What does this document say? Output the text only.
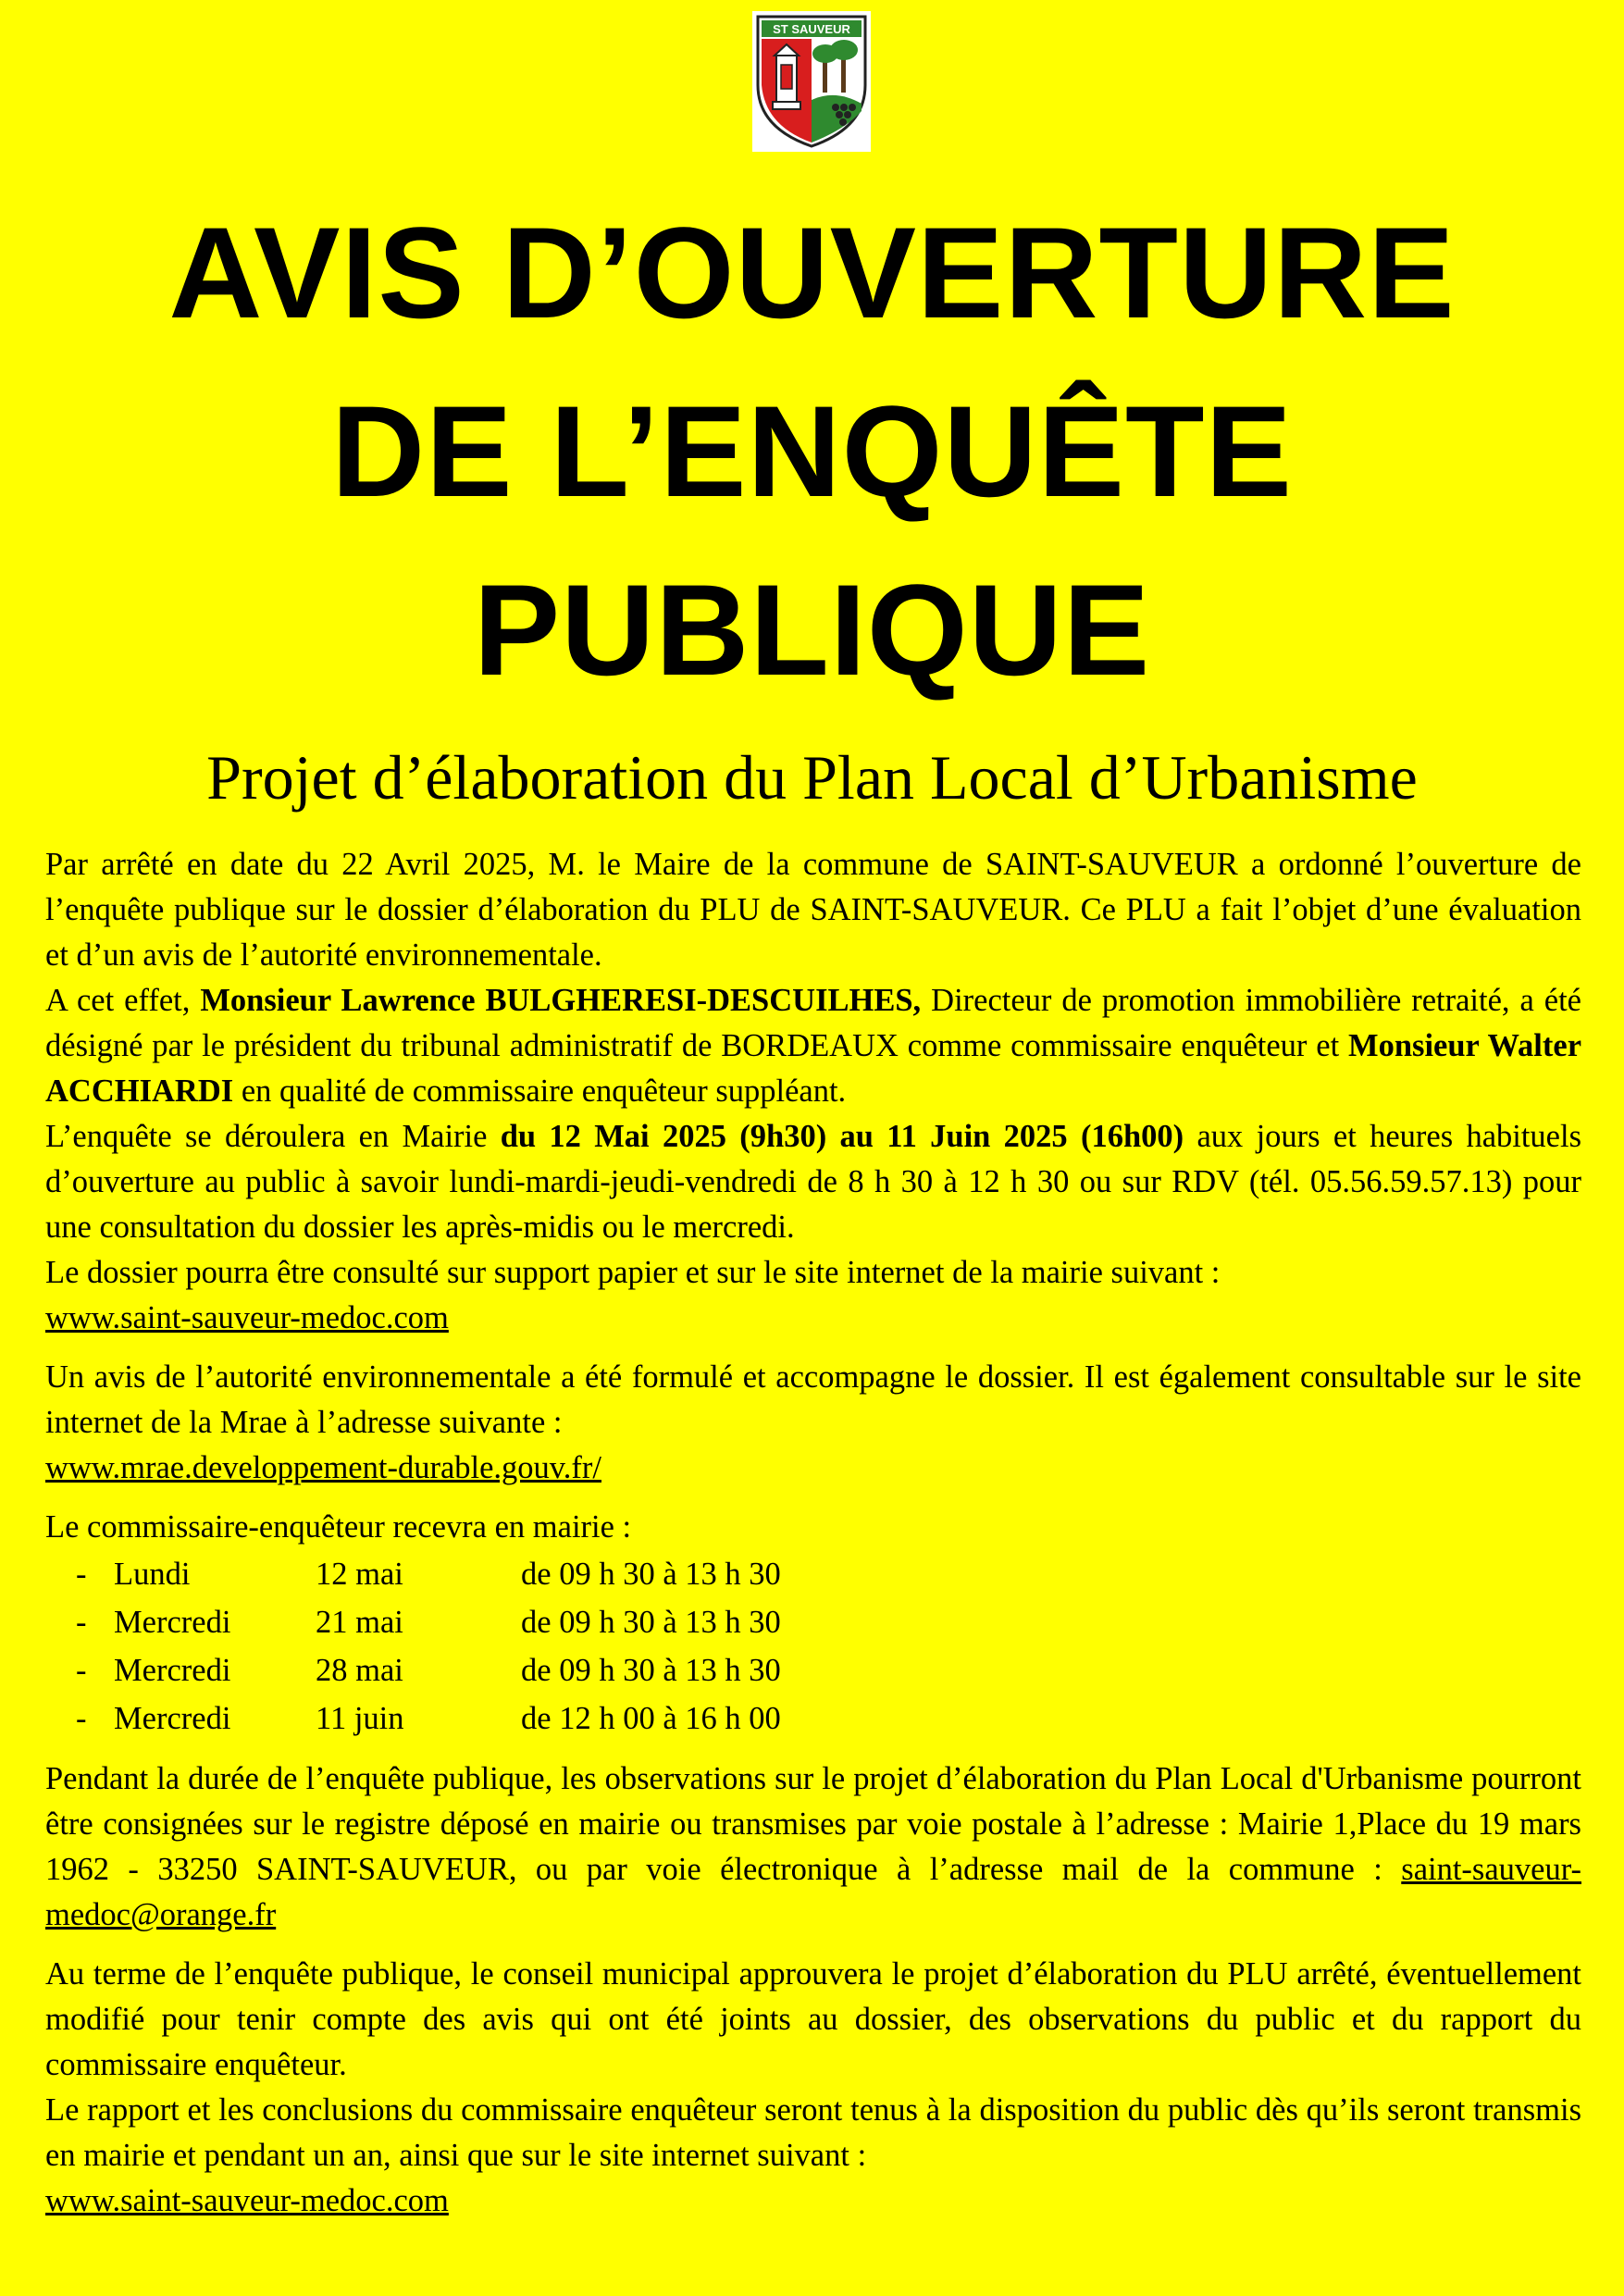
ST SAUVEUR
AVIS D’OUVERTURE
DE L’ENQUÊTE
PUBLIQUE
Projet d’élaboration du Plan Local d’Urbanisme

Par arrêté en date du 22 Avril 2025, M. le Maire de la commune de SAINT-SAUVEUR a ordonné l’ouverture de l’enquête publique sur le dossier d’élaboration du PLU de SAINT-SAUVEUR. Ce PLU a fait l’objet d’une évaluation et d’un avis de l’autorité environnementale.
A cet effet, Monsieur Lawrence BULGHERESI-DESCUILHES, Directeur de promotion immobilière retraité, a été désigné par le président du tribunal administratif de BORDEAUX comme commissaire enquêteur et Monsieur Walter ACCHIARDI en qualité de commissaire enquêteur suppléant.
L’enquête se déroulera en Mairie du 12 Mai 2025 (9h30) au 11 Juin 2025 (16h00) aux jours et heures habituels d’ouverture au public à savoir lundi-mardi-jeudi-vendredi de 8 h 30 à 12 h 30 ou sur RDV (tél. 05.56.59.57.13) pour une consultation du dossier les après-midis ou le mercredi.
Le dossier pourra être consulté sur support papier et sur le site internet de la mairie suivant :
www.saint-sauveur-medoc.com

Un avis de l’autorité environnementale a été formulé et accompagne le dossier. Il est également consultable sur le site internet de la Mrae à l’adresse suivante :
www.mrae.developpement-durable.gouv.fr/

Le commissaire-enquêteur recevra en mairie :

-	Lundi	12 mai	de 09 h 30 à 13 h 30
-	Mercredi	21 mai	de 09 h 30 à 13 h 30
-	Mercredi	28 mai	de 09 h 30 à 13 h 30
-	Mercredi	11 juin	de 12 h 00 à 16 h 00

Pendant la durée de l’enquête publique, les observations sur le projet d’élaboration du Plan Local d'Urbanisme pourront être consignées sur le registre déposé en mairie ou transmises par voie postale à l’adresse : Mairie 1,Place du 19 mars 1962 - 33250 SAINT-SAUVEUR, ou par voie électronique à l’adresse mail de la commune : saint-sauveur-medoc@orange.fr

Au terme de l’enquête publique, le conseil municipal approuvera le projet d’élaboration du PLU arrêté, éventuellement modifié pour tenir compte des avis qui ont été joints au dossier, des observations du public et du rapport du commissaire enquêteur.
Le rapport et les conclusions du commissaire enquêteur seront tenus à la disposition du public dès qu’ils seront transmis en mairie et pendant un an, ainsi que sur le site internet suivant :
www.saint-sauveur-medoc.com
